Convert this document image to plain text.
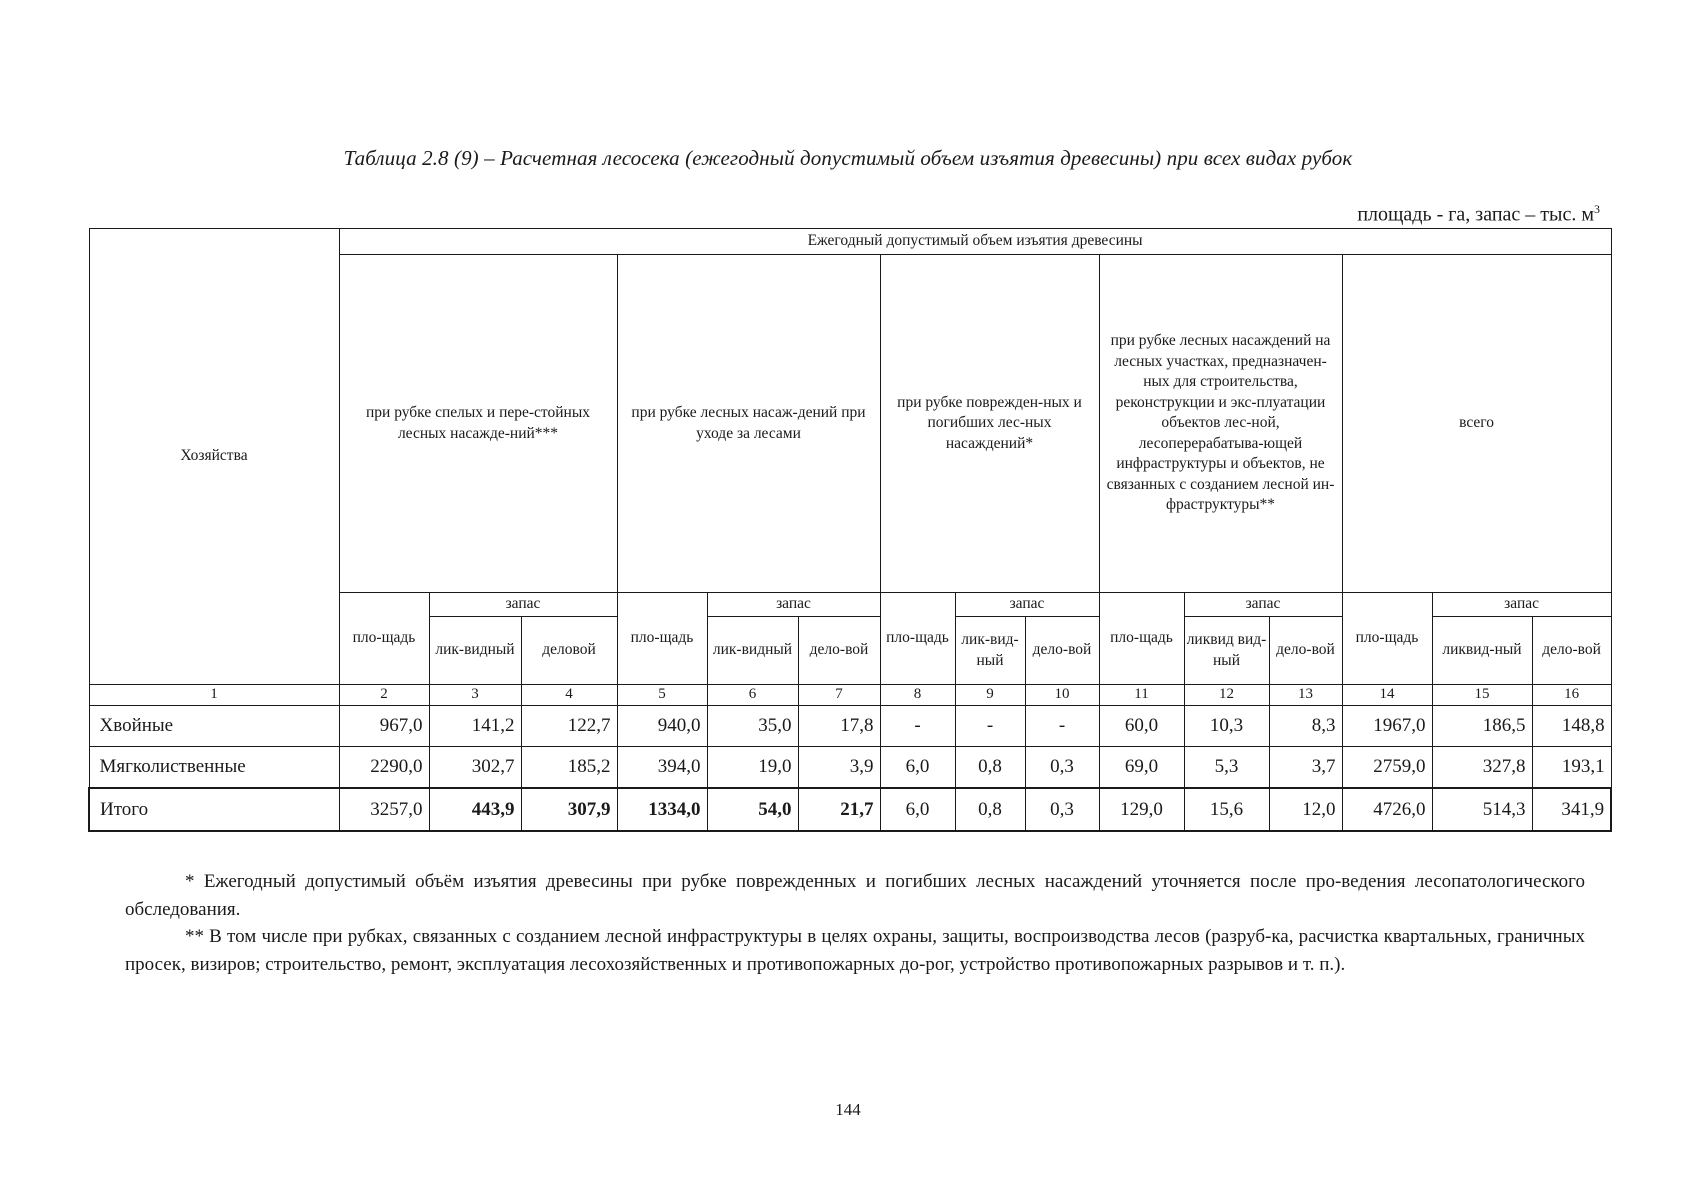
Таблица 2.8 (9) – Расчетная лесосека (ежегодный допустимый объем изъятия древесины) при всех видах рубок
площадь - га, запас – тыс. $м^3$
Хозяйства	Ежегодный допустимый объем изъятия древесины														
	при рубке спелых и пере-стойных лесных насажде-ний***			при рубке лесных насаж-дений при уходе за лесами			при рубке поврежден-ных и погибших лес-ных насаждений*			при рубке лесных насаждений на лесных участках, предназначен-ных для строительства, реконструкции и экс-плуатации объектов лес-ной, лесоперерабатыва-ющей инфраструктуры и объектов, не связанных с созданием лесной ин-фраструктуры**			всего		
	пло-щадь	запас		пло-щадь	запас		пло-щадь	запас		пло-щадь	запас		пло-щадь	запас	
		лик-видный	деловой		лик-видный	дело-вой		лик-вид-ный	дело-вой		ликвид вид-ный	дело-вой		ликвид-ный	дело-вой
1	2	3	4	5	6	7	8	9	10	11	12	13	14	15	16
Хвойные	967,0	141,2	122,7	940,0	35,0	17,8	-	-	-	60,0	10,3	8,3	1967,0	186,5	148,8
Мягколиственные	2290,0	302,7	185,2	394,0	19,0	3,9	6,0	0,8	0,3	69,0	5,3	3,7	2759,0	327,8	193,1
Итого	3257,0	443,9	307,9	1334,0	54,0	21,7	6,0	0,8	0,3	129,0	15,6	12,0	4726,0	514,3	341,9

* Ежегодный допустимый объём изъятия древесины при рубке поврежденных и погибших лесных насаждений уточняется после про-ведения лесопатологического обследования.

** В том числе при рубках, связанных с созданием лесной инфраструктуры в целях охраны, защиты, воспроизводства лесов (разруб-ка, расчистка квартальных, граничных просек, визиров; строительство, ремонт, эксплуатация лесохозяйственных и противопожарных до-рог, устройство противопожарных разрывов и т. п.).

144
